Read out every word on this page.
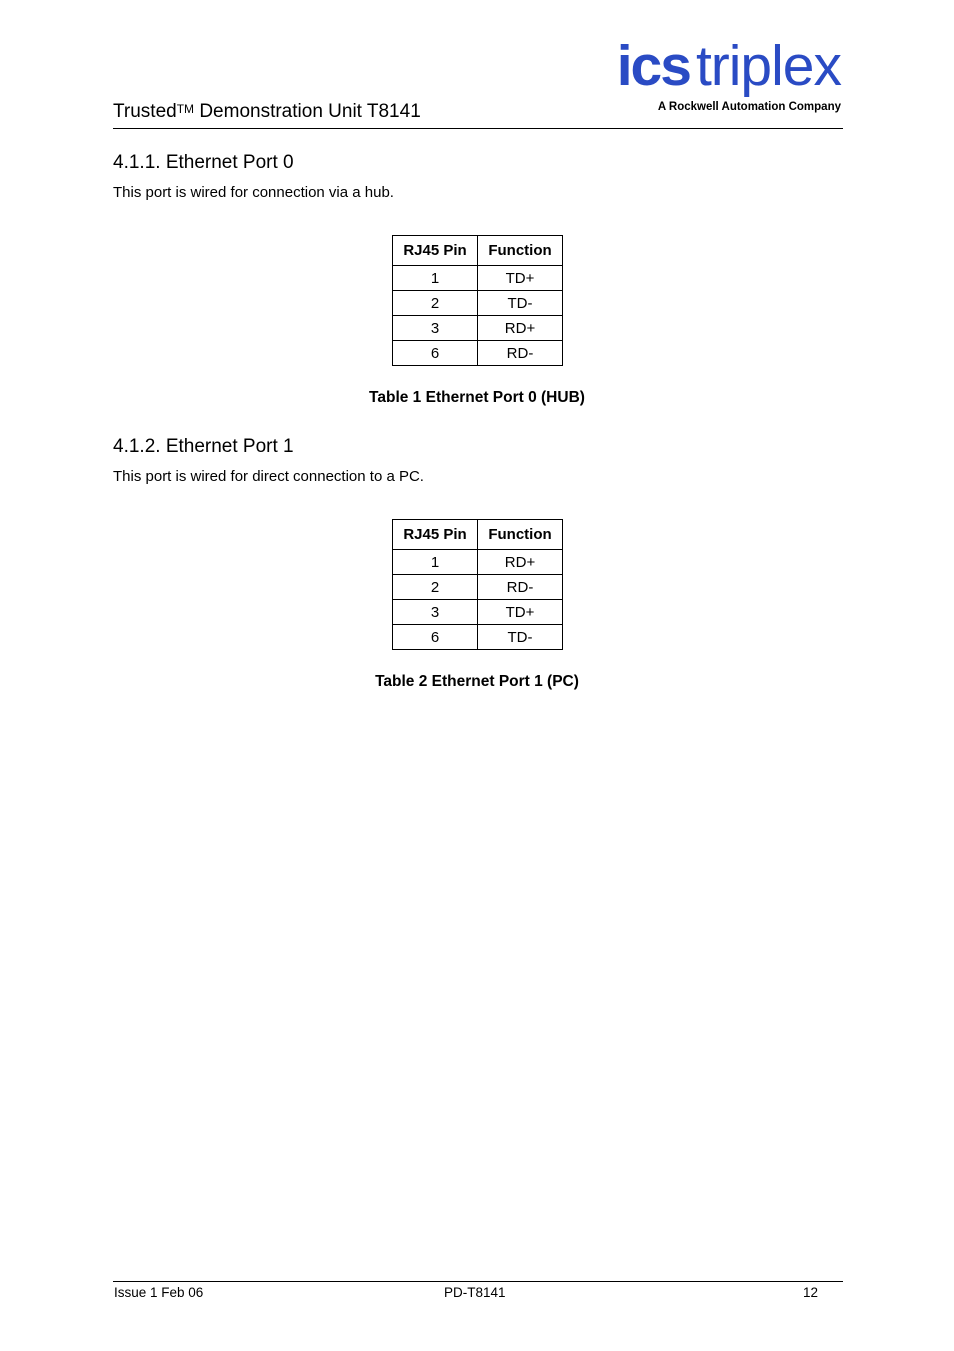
Trusted™ Demonstration Unit T8141
ics triplex
A Rockwell Automation Company
4.1.1. Ethernet Port 0
This port is wired for connection via a hub.
RJ45 Pin	Function
1	TD+
2	TD-
3	RD+
6	RD-
Table 1 Ethernet Port 0 (HUB)
4.1.2. Ethernet Port 1
This port is wired for direct connection to a PC.
RJ45 Pin	Function
1	RD+
2	RD-
3	TD+
6	TD-
Table 2 Ethernet Port 1 (PC)
Issue 1 Feb 06	PD-T8141	12
